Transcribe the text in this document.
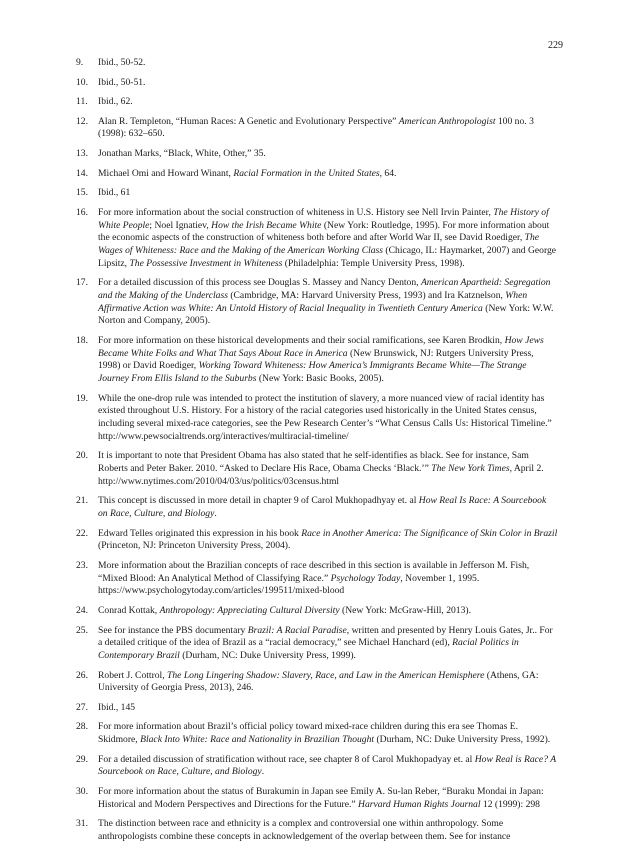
229
9.	Ibid., 50-52.
10.	Ibid., 50-51.
11.	Ibid., 62.
12.	Alan R. Templeton, “Human Races: A Genetic and Evolutionary Perspective” American Anthropologist 100 no. 3 (1998): 632–650.
13.	Jonathan Marks, “Black, White, Other,” 35.
14.	Michael Omi and Howard Winant, Racial Formation in the United States, 64.
15.	Ibid., 61
16.	For more information about the social construction of whiteness in U.S. History see Nell Irvin Painter, The History of White People; Noel Ignatiev, How the Irish Became White (New York: Routledge, 1995). For more information about the economic aspects of the construction of whiteness both before and after World War II, see David Roediger, The Wages of Whiteness: Race and the Making of the American Working Class (Chicago, IL: Haymarket, 2007) and George Lipsitz, The Possessive Investment in Whiteness (Philadelphia: Temple University Press, 1998).
17.	For a detailed discussion of this process see Douglas S. Massey and Nancy Denton, American Apartheid: Segregation and the Making of the Underclass (Cambridge, MA: Harvard University Press, 1993) and Ira Katznelson, When Affirmative Action was White: An Untold History of Racial Inequality in Twentieth Century America (New York: W.W. Norton and Company, 2005).
18.	For more information on these historical developments and their social ramifications, see Karen Brodkin, How Jews Became White Folks and What That Says About Race in America (New Brunswick, NJ: Rutgers University Press, 1998) or David Roediger, Working Toward Whiteness: How America’s Immigrants Became White—The Strange Journey From Ellis Island to the Suburbs (New York: Basic Books, 2005).
19.	While the one-drop rule was intended to protect the institution of slavery, a more nuanced view of racial identity has existed throughout U.S. History. For a history of the racial categories used historically in the United States census, including several mixed-race categories, see the Pew Research Center’s “What Census Calls Us: Historical Timeline.” http://www.pewsocialtrends.org/interactives/multiracial-timeline/
20.	It is important to note that President Obama has also stated that he self-identifies as black. See for instance, Sam Roberts and Peter Baker. 2010. “Asked to Declare His Race, Obama Checks ‘Black.’” The New York Times, April 2. http://www.nytimes.com/2010/04/03/us/politics/03census.html
21.	This concept is discussed in more detail in chapter 9 of Carol Mukhopadhyay et. al How Real Is Race: A Sourcebook on Race, Culture, and Biology.
22.	Edward Telles originated this expression in his book Race in Another America: The Significance of Skin Color in Brazil (Princeton, NJ: Princeton University Press, 2004).
23.	More information about the Brazilian concepts of race described in this section is available in Jefferson M. Fish, “Mixed Blood: An Analytical Method of Classifying Race.” Psychology Today, November 1, 1995. https://www.psychologytoday.com/articles/199511/mixed-blood
24.	Conrad Kottak, Anthropology: Appreciating Cultural Diversity (New York: McGraw-Hill, 2013).
25.	See for instance the PBS documentary Brazil: A Racial Paradise, written and presented by Henry Louis Gates, Jr.. For a detailed critique of the idea of Brazil as a “racial democracy,” see Michael Hanchard (ed), Racial Politics in Contemporary Brazil (Durham, NC: Duke University Press, 1999).
26.	Robert J. Cottrol, The Long Lingering Shadow: Slavery, Race, and Law in the American Hemisphere (Athens, GA: University of Georgia Press, 2013), 246.
27.	Ibid., 145
28.	For more information about Brazil’s official policy toward mixed-race children during this era see Thomas E. Skidmore, Black Into White: Race and Nationality in Brazilian Thought (Durham, NC: Duke University Press, 1992).
29.	For a detailed discussion of stratification without race, see chapter 8 of Carol Mukhopadyay et. al How Real is Race? A Sourcebook on Race, Culture, and Biology.
30.	For more information about the status of Burakumin in Japan see Emily A. Su-lan Reber, “Buraku Mondai in Japan: Historical and Modern Perspectives and Directions for the Future.” Harvard Human Rights Journal 12 (1999): 298
31.	The distinction between race and ethnicity is a complex and controversial one within anthropology. Some anthropologists combine these concepts in acknowledgement of the overlap between them. See for instance
